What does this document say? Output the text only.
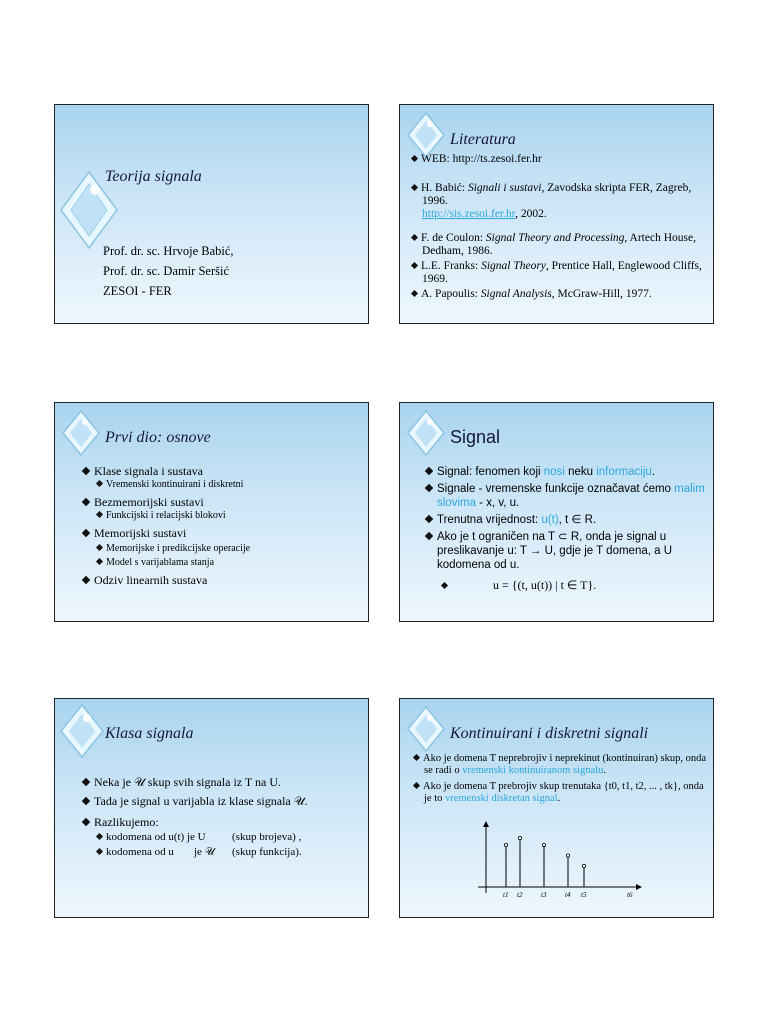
Teorija signala
Prof. dr. sc. Hrvoje Babić,
Prof. dr. sc. Damir Seršić
ZESOI - FER
Literatura
WEB: http://ts.zesoi.fer.hr
H. Babić: Signali i sustavi, Zavodska skripta FER, Zagreb, 1996.
http://sis.zesoi.fer.hr, 2002.
F. de Coulon: Signal Theory and Processing, Artech House, Dedham, 1986.
L.E. Franks: Signal Theory, Prentice Hall, Englewood Cliffs, 1969.
A. Papoulis: Signal Analysis, McGraw-Hill, 1977.
Prvi dio: osnove
Klase signala i sustava
Vremenski kontinuirani i diskretni
Bezmemorijski sustavi
Funkcijski i relacijski blokovi
Memorijski sustavi
Memorijske i predikcijske operacije
Model s varijablama stanja
Odziv linearnih sustava
Signal
Signal: fenomen koji nosi neku informaciju.
Signale - vremenske funkcije označavat ćemo malim slovima - x, v, u.
Trenutna vrijednost: u(t), t ∈ R.
Ako je t ograničen na T ⊂ R, onda je signal u preslikavanje u: T → U, gdje je T domena, a U kodomena od u.
u = {(t, u(t)) | t ∈ T}.
Klasa signala
Neka je 𝒰 skup svih signala iz T na U.
Tada je signal u varijabla iz klase signala 𝒰.
Razlikujemo:
kodomena od u(t) je U (skup brojeva) ,
kodomena od u je 𝒰 (skup funkcija).
Kontinuirani i diskretni signali
Ako je domena T neprebrojiv i neprekinut (kontinuiran) skup, onda se radi o vremenski kontinuiranom signalu.
Ako je domena T prebrojiv skup trenutaka {t0, t1, t2, ... , tk}, onda je to vremenski diskretan signal.
t1 t2	t3	t4 t5	t6
